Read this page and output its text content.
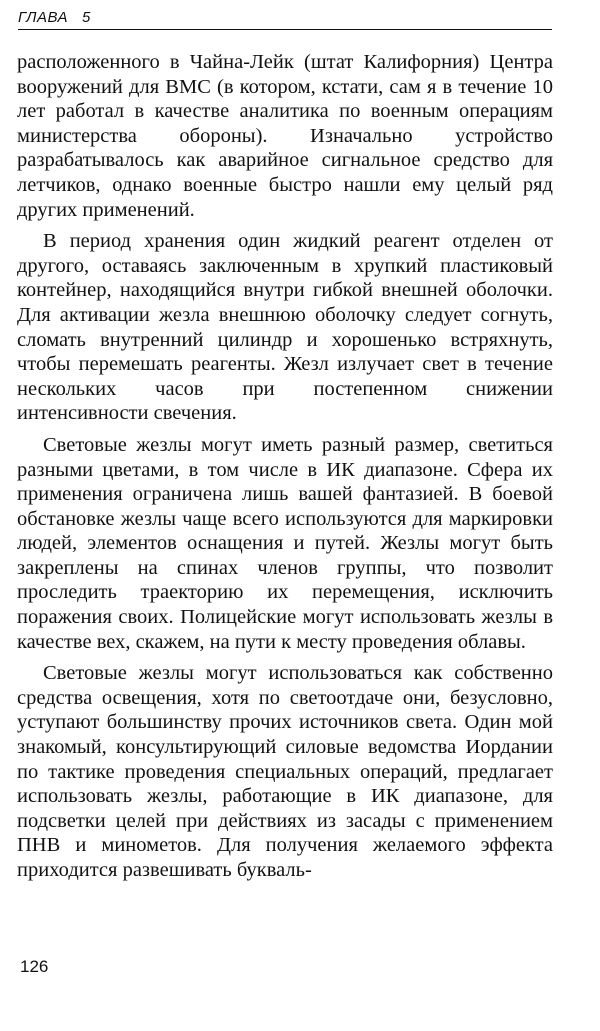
ГЛАВА 5

расположенного в Чайна-Лейк (штат Калифорния) Центра вооружений для ВМС (в котором, кстати, сам я в течение 10 лет работал в качестве аналитика по военным операциям министерства обороны). Изначально устройство разрабатывалось как аварийное сигнальное средство для летчиков, однако военные быстро нашли ему целый ряд других применений.

В период хранения один жидкий реагент отделен от другого, оставаясь заключенным в хрупкий пластиковый контейнер, находящийся внутри гибкой внешней оболочки. Для активации жезла внешнюю оболочку следует согнуть, сломать внутренний цилиндр и хорошенько встряхнуть, чтобы перемешать реагенты. Жезл излучает свет в течение нескольких часов при постепенном снижении интенсивности свечения.

Световые жезлы могут иметь разный размер, светиться разными цветами, в том числе в ИК диапазоне. Сфера их применения ограничена лишь вашей фантазией. В боевой обстановке жезлы чаще всего используются для маркировки людей, элементов оснащения и путей. Жезлы могут быть закреплены на спинах членов группы, что позволит проследить траекторию их перемещения, исключить поражения своих. Полицейские могут использовать жезлы в качестве вех, скажем, на пути к месту проведения облавы.

Световые жезлы могут использоваться как собственно средства освещения, хотя по светоотдаче они, безусловно, уступают большинству прочих источников света. Один мой знакомый, консультирующий силовые ведомства Иордании по тактике проведения специальных операций, предлагает использовать жезлы, работающие в ИК диапазоне, для подсветки целей при действиях из засады с применением ПНВ и минометов. Для получения желаемого эффекта приходится развешивать букваль-

126
